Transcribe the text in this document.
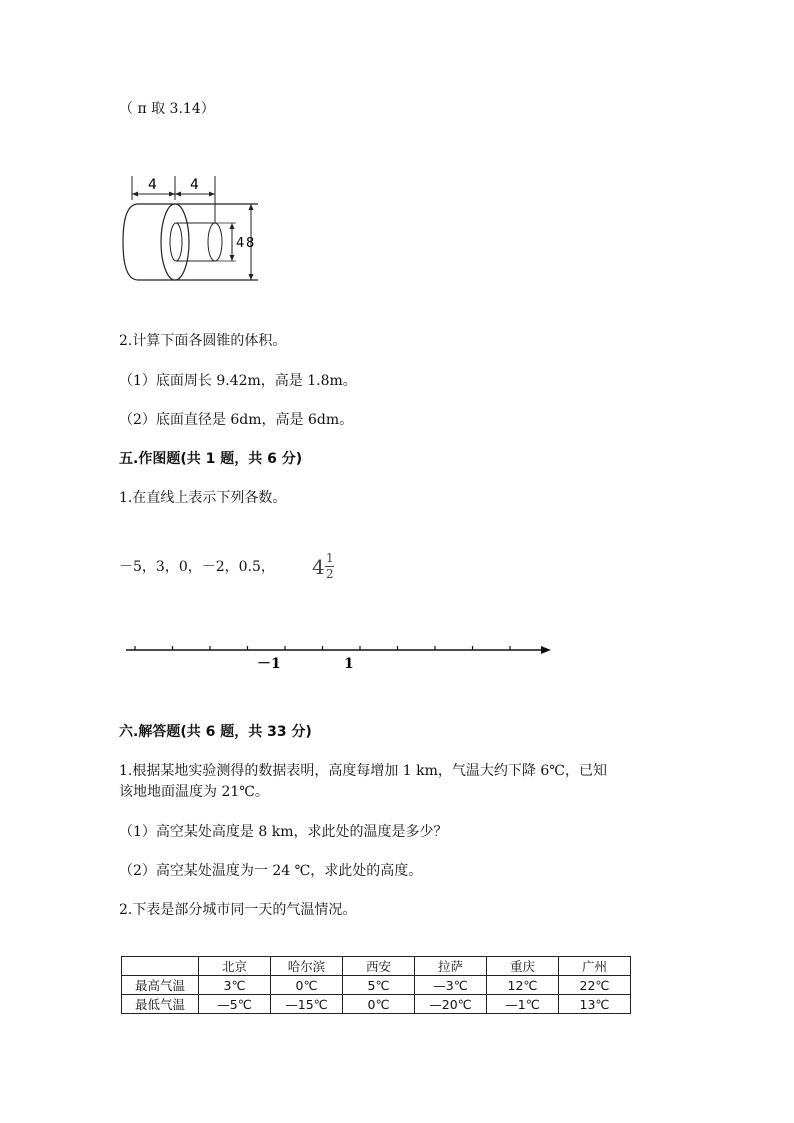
（ π 取 3.14）
4 4
4 8
2.计算下面各圆锥的体积。
（1）底面周长 9.42m，高是 1.8m。
（2）底面直径是 6dm，高是 6dm。
五.作图题(共 1 题，共 6 分)
1.在直线上表示下列各数。
－5，3，0，－2，0.5， 4 1
2
－1	1
六.解答题(共 6 题，共 33 分)
1.根据某地实验测得的数据表明，高度每增加 1 km，气温大约下降 6℃，已知
该地地面温度为 21℃。
（1）高空某处高度是 8 km，求此处的温度是多少？
（2）高空某处温度为一 24 ℃，求此处的高度。
2.下表是部分城市同一天的气温情况。
	北京	哈尔滨	西安	拉萨	重庆	广州
最高气温	3℃	0℃	5℃	—3℃	12℃	22℃
最低气温	—5℃	—15℃	0℃	—20℃	—1℃	13℃
